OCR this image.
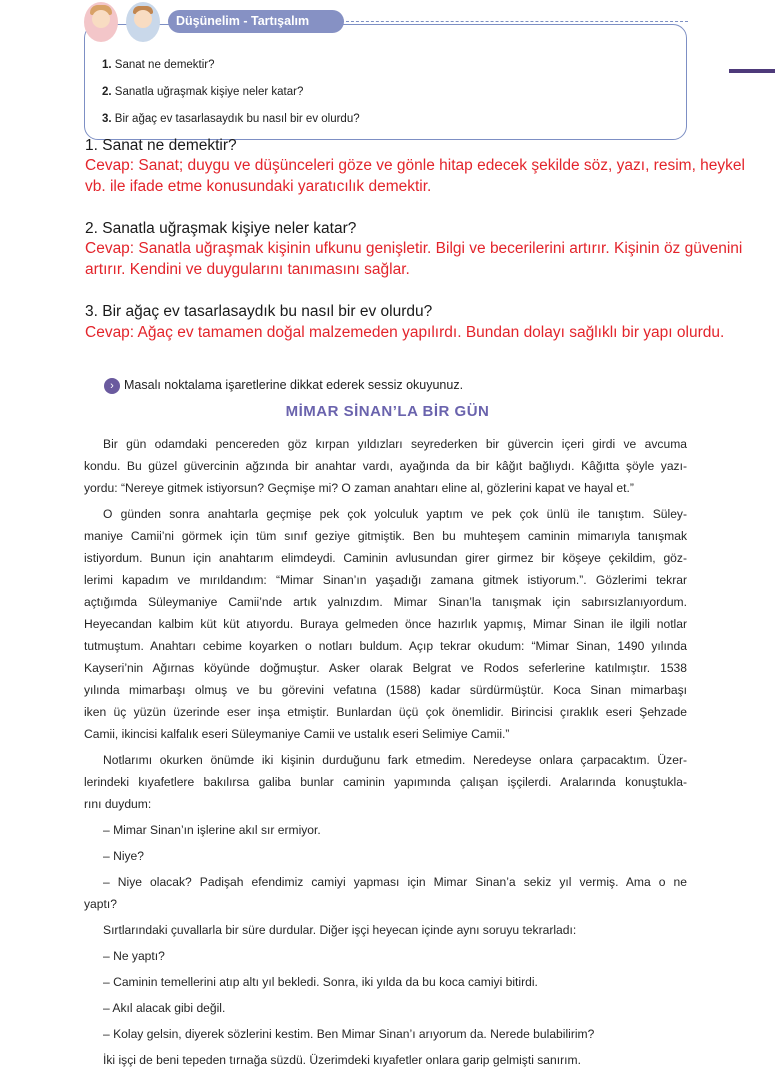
Düşünelim - Tartışalım
1. Sanat ne demektir?
2. Sanatla uğraşmak kişiye neler katar?
3. Bir ağaç ev tasarlasaydık bu nasıl bir ev olurdu?
1. Sanat ne demektir?
Cevap: Sanat; duygu ve düşünceleri göze ve gönle hitap edecek şekilde söz, yazı, resim, heykel
vb. ile ifade etme konusundaki yaratıcılık demektir.
2. Sanatla uğraşmak kişiye neler katar?
Cevap: Sanatla uğraşmak kişinin ufkunu genişletir. Bilgi ve becerilerini artırır. Kişinin öz güvenini
artırır. Kendini ve duygularını tanımasını sağlar.
3. Bir ağaç ev tasarlasaydık bu nasıl bir ev olurdu?
Cevap: Ağaç ev tamamen doğal malzemeden yapılırdı. Bundan dolayı sağlıklı bir yapı olurdu.
› Masalı noktalama işaretlerine dikkat ederek sessiz okuyunuz.
MİMAR SİNAN’LA BİR GÜN
Bir gün odamdaki pencereden göz kırpan yıldızları seyrederken bir güvercin içeri girdi ve avcuma
kondu. Bu güzel güvercinin ağzında bir anahtar vardı, ayağında da bir kâğıt bağlıydı. Kâğıtta şöyle yazı-
yordu: “Nereye gitmek istiyorsun? Geçmişe mi? O zaman anahtarı eline al, gözlerini kapat ve hayal et.”
O günden sonra anahtarla geçmişe pek çok yolculuk yaptım ve pek çok ünlü ile tanıştım. Süley-
maniye Camii’ni görmek için tüm sınıf geziye gitmiştik. Ben bu muhteşem caminin mimarıyla tanışmak
istiyordum. Bunun için anahtarım elimdeydi. Caminin avlusundan girer girmez bir köşeye çekildim, göz-
lerimi kapadım ve mırıldandım: “Mimar Sinan’ın yaşadığı zamana gitmek istiyorum.”. Gözlerimi tekrar
açtığımda Süleymaniye Camii’nde artık yalnızdım. Mimar Sinan’la tanışmak için sabırsızlanıyordum.
Heyecandan kalbim küt küt atıyordu. Buraya gelmeden önce hazırlık yapmış, Mimar Sinan ile ilgili notlar
tutmuştum. Anahtarı cebime koyarken o notları buldum. Açıp tekrar okudum: “Mimar Sinan, 1490 yılında
Kayseri’nin Ağırnas köyünde doğmuştur. Asker olarak Belgrat ve Rodos seferlerine katılmıştır. 1538
yılında mimarbaşı olmuş ve bu görevini vefatına (1588) kadar sürdürmüştür. Koca Sinan mimarbaşı
iken üç yüzün üzerinde eser inşa etmiştir. Bunlardan üçü çok önemlidir. Birincisi çıraklık eseri Şehzade
Camii, ikincisi kalfalık eseri Süleymaniye Camii ve ustalık eseri Selimiye Camii.”
Notlarımı okurken önümde iki kişinin durduğunu fark etmedim. Neredeyse onlara çarpacaktım. Üzer-
lerindeki kıyafetlere bakılırsa galiba bunlar caminin yapımında çalışan işçilerdi. Aralarında konuştukla-
rını duydum:
– Mimar Sinan’ın işlerine akıl sır ermiyor.
– Niye?
– Niye olacak? Padişah efendimiz camiyi yapması için Mimar Sinan’a sekiz yıl vermiş. Ama o ne
yaptı?
Sırtlarındaki çuvallarla bir süre durdular. Diğer işçi heyecan içinde aynı soruyu tekrarladı:
– Ne yaptı?
– Caminin temellerini atıp altı yıl bekledi. Sonra, iki yılda da bu koca camiyi bitirdi.
– Akıl alacak gibi değil.
– Kolay gelsin, diyerek sözlerini kestim. Ben Mimar Sinan’ı arıyorum da. Nerede bulabilirim?
İki işçi de beni tepeden tırnağa süzdü. Üzerimdeki kıyafetler onlara garip gelmişti sanırım.
